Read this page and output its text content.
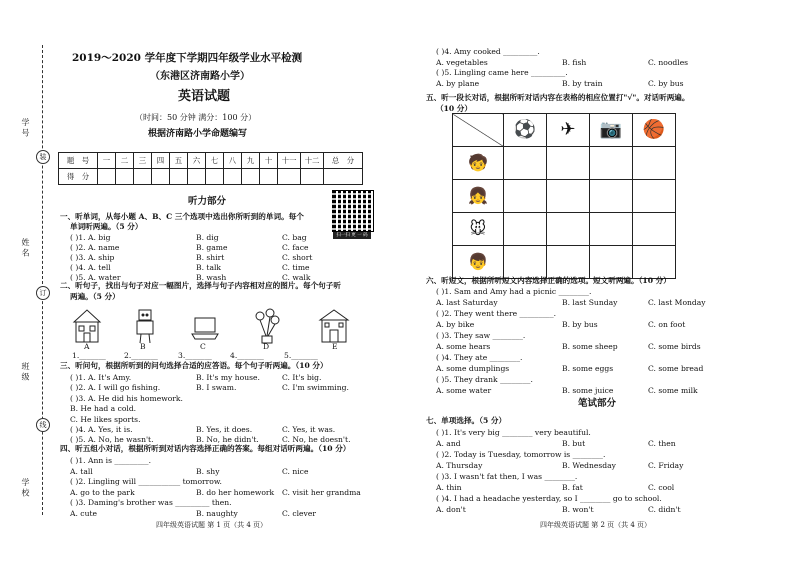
学 号
姓 名
班 级
学 校
装
订
线
2019～2020 学年度下学期四年级学业水平检测
（东港区济南路小学）
英语试题
（时间：50 分钟 满分：100 分）
根据济南路小学命题编写
题　号	一	二	三	四	五	六	七	八	九	十	十一	十二	总　分
得　分													
扫一扫 更 一 码
听力部分
一、听单词，从每小题 A、B、C 三个选项中选出你所听到的单词。每个
单词听两遍。（5 分）
( )1. A. big	B. dig	C. bag
( )2. A. name	B. game	C. face
( )3. A. ship	B. shirt	C. short
( )4. A. tell	B. talk	C. time
( )5. A. water	B. wash	C. walk
二、听句子，找出与句子对应一幅图片，选择与句子内容相对应的图片。每个句子听
两遍。（5 分）
A	B	C	D	E
1._______ 2._______	3._______ 4._______	5._______
三、听问句，根据所听到的问句选择合适的应答语。每个句子听两遍。（10 分）
( )1. A. It's Amy.	B. It's my house.	C. It's big.
( )2. A. I will go fishing.	B. I swam.	C. I'm swimming.
( )3. A. He did his homework.
B. He had a cold.
C. He likes sports.
( )4. A. Yes, it is.	B. Yes, it does.	C. Yes, it was.
( )5. A. No, he wasn't.	B. No, he didn't.	C. No, he doesn't.
四、听五组小对话，根据所听到对话内容选择正确的答案。每组对话听两遍。（10 分）
( )1. Ann is _________.
A. tall	B. shy	C. nice
( )2. Lingling will ___________ tomorrow.
A. go to the park	B. do her homework C. visit her grandma
( )3. Daming's brother was _________ then.
A. cute	B. naughty	C. clever
( )4. Amy cooked _________.
A. vegetables	B. fish	C. noodles
( )5. Lingling came here _________.
A. by plane	B. by train	C. by bus
五、听一段长对话，根据所听对话内容在表格的相应位置打"√"。对话听两遍。
（10 分）
	⚽	✈	📷	🏀
🧒				
👧				
🐭				
👦				
六、听短文，根据所听短文内容选择正确的选项。短文听两遍。（10 分）
( )1. Sam and Amy had a picnic ________.
A. last Saturday	B. last Sunday	C. last Monday
( )2. They went there _________.
A. by bike	B. by bus	C. on foot
( )3. They saw ________.
A. some hears	B. some sheep	C. some birds
( )4. They ate ________.
A. some dumplings	B. some eggs	C. some bread
( )5. They drank ________.
A. some water	B. some juice	C. some milk
笔试部分
七、单项选择。（5 分）
( )1. It's very big ________ very beautiful.
A. and	B. but	C. then
( )2. Today is Tuesday, tomorrow is ________.
A. Thursday	B. Wednesday	C. Friday
( )3. I wasn't fat then, I was ________.
A. thin	B. fat	C. cool
( )4. I had a headache yesterday, so I ________ go to school.
A. don't	B. won't	C. didn't
四年级英语试题 第 1 页（共 4 页）	四年级英语试题 第 2 页（共 4 页）
